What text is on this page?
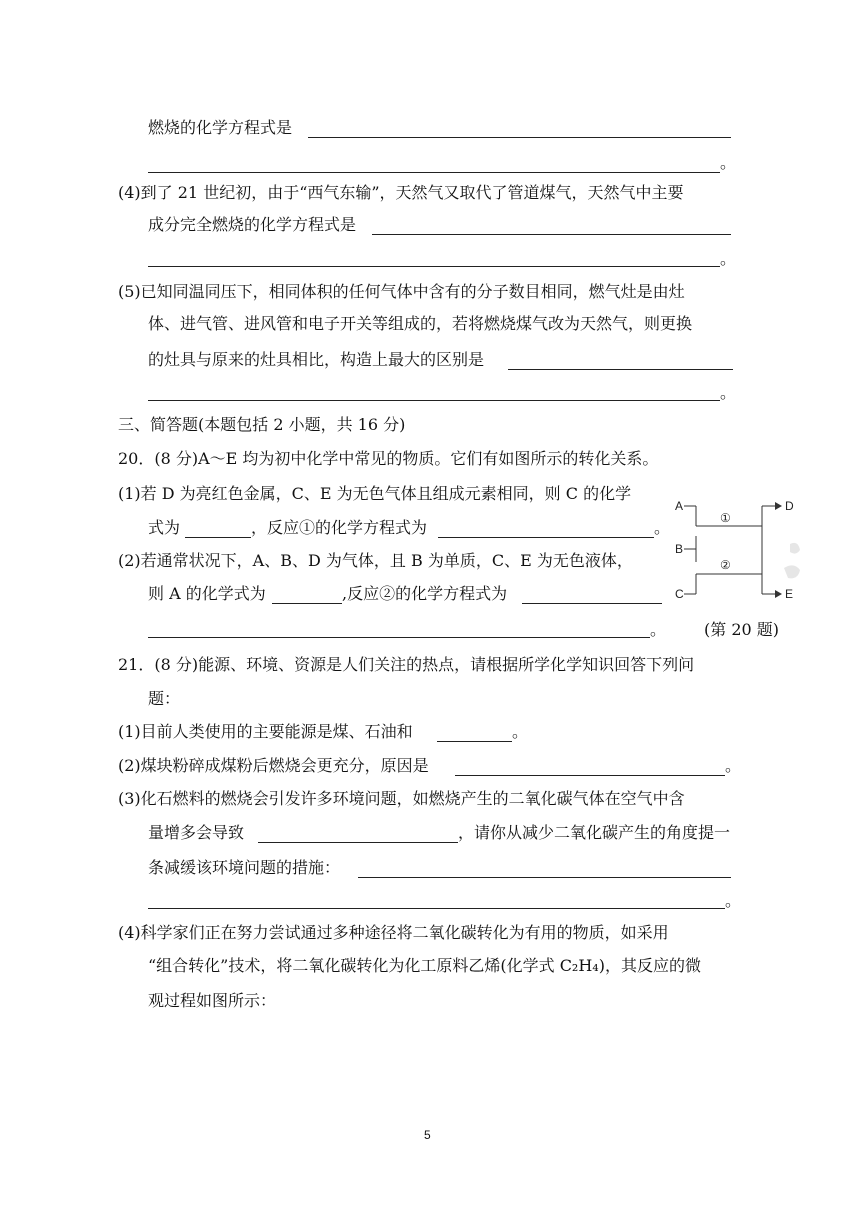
燃烧的化学方程式是
。
(4)到了 21 世纪初，由于“西气东输”，天然气又取代了管道煤气，天然气中主要
成分完全燃烧的化学方程式是
。
(5)已知同温同压下，相同体积的任何气体中含有的分子数目相同，燃气灶是由灶
体、进气管、进风管和电子开关等组成的，若将燃烧煤气改为天然气，则更换
的灶具与原来的灶具相比，构造上最大的区别是
。
三、简答题(本题包括 2 小题，共 16 分)
20．(8 分)A～E 均为初中化学中常见的物质。它们有如图所示的转化关系。
(1)若 D 为亮红色金属，C、E 为无色气体且组成元素相同，则 C 的化学
式为	，反应①的化学方程式为	。
(2)若通常状况下，A、B、D 为气体，且 B 为单质，C、E 为无色液体，
则 A 的化学式为	,反应②的化学方程式为
。
A
B
C
D
E
①
②
(第 20 题)
21．(8 分)能源、环境、资源是人们关注的热点，请根据所学化学知识回答下列问
题：
(1)目前人类使用的主要能源是煤、石油和	。
(2)煤块粉碎成煤粉后燃烧会更充分，原因是	。
(3)化石燃料的燃烧会引发许多环境问题，如燃烧产生的二氧化碳气体在空气中含
量增多会导致	，请你从减少二氧化碳产生的角度提一
条减缓该环境问题的措施：
。
(4)科学家们正在努力尝试通过多种途径将二氧化碳转化为有用的物质，如采用
“组合转化”技术，将二氧化碳转化为化工原料乙烯(化学式 C₂H₄)，其反应的微
观过程如图所示：
5
